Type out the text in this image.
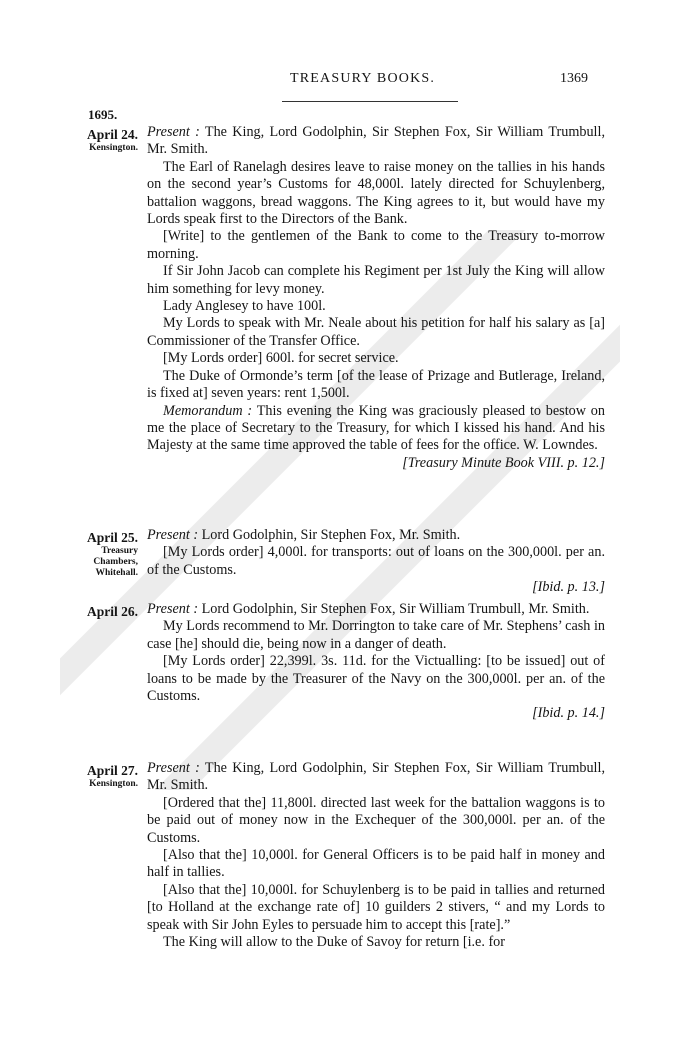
TREASURY BOOKS.	1369
1695.
April 24.
Kensington.

Present : The King, Lord Godolphin, Sir Stephen Fox, Sir William Trumbull, Mr. Smith.

The Earl of Ranelagh desires leave to raise money on the tallies in his hands on the second year’s Customs for 48,000l. lately directed for Schuylenberg, battalion waggons, bread waggons. The King agrees to it, but would have my Lords speak first to the Directors of the Bank.

[Write] to the gentlemen of the Bank to come to the Treasury to-morrow morning.

If Sir John Jacob can complete his Regiment per 1st July the King will allow him something for levy money.

Lady Anglesey to have 100l.

My Lords to speak with Mr. Neale about his petition for half his salary as [a] Commissioner of the Transfer Office.

[My Lords order] 600l. for secret service.

The Duke of Ormonde’s term [of the lease of Prizage and Butlerage, Ireland, is fixed at] seven years: rent 1,500l.

Memorandum : This evening the King was graciously pleased to bestow on me the place of Secretary to the Treasury, for which I kissed his hand. And his Majesty at the same time approved the table of fees for the office. W. Lowndes.

[Treasury Minute Book VIII. p. 12.]

April 25.
Treasury Chambers, Whitehall.

Present : Lord Godolphin, Sir Stephen Fox, Mr. Smith.

[My Lords order] 4,000l. for transports: out of loans on the 300,000l. per an. of the Customs.

[Ibid. p. 13.]

April 26. Present : Lord Godolphin, Sir Stephen Fox, Sir William Trumbull, Mr. Smith.

My Lords recommend to Mr. Dorrington to take care of Mr. Stephens’ cash in case [he] should die, being now in a danger of death.

[My Lords order] 22,399l. 3s. 11d. for the Victualling: [to be issued] out of loans to be made by the Treasurer of the Navy on the 300,000l. per an. of the Customs.

[Ibid. p. 14.]

April 27.
Kensington.

Present : The King, Lord Godolphin, Sir Stephen Fox, Sir William Trumbull, Mr. Smith.

[Ordered that the] 11,800l. directed last week for the battalion waggons is to be paid out of money now in the Exchequer of the 300,000l. per an. of the Customs.

[Also that the] 10,000l. for General Officers is to be paid half in money and half in tallies.

[Also that the] 10,000l. for Schuylenberg is to be paid in tallies and returned [to Holland at the exchange rate of] 10 guilders 2 stivers, “ and my Lords to speak with Sir John Eyles to persuade him to accept this [rate].”

The King will allow to the Duke of Savoy for return [i.e. for
